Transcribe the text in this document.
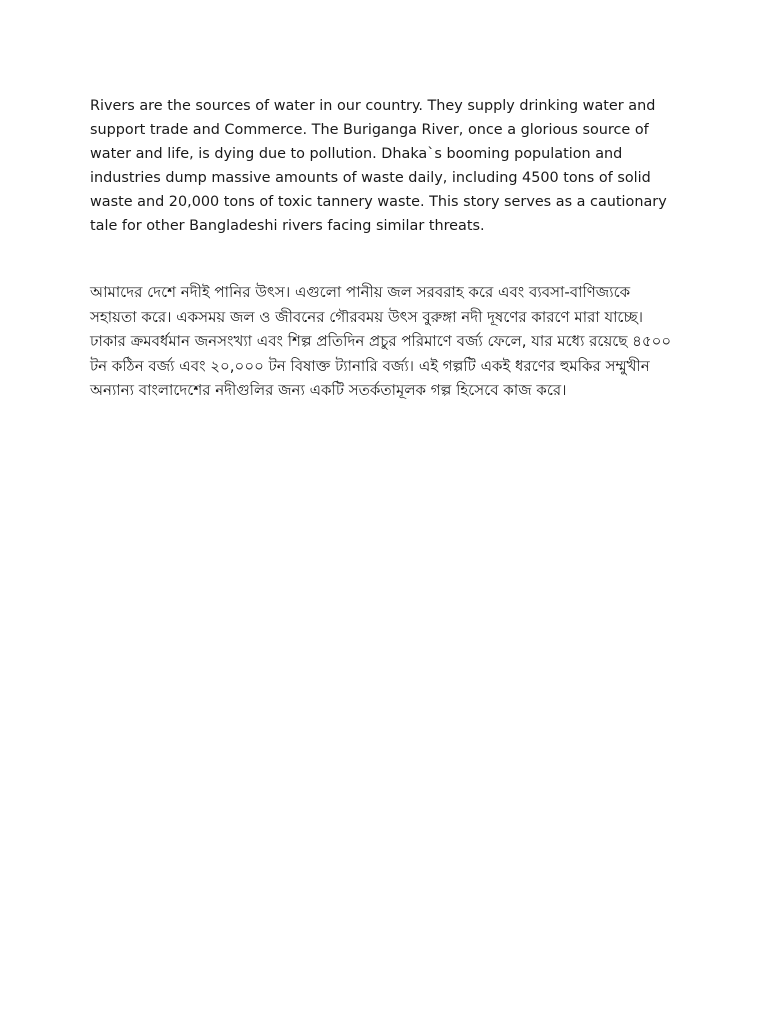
Rivers are the sources of water in our country. They supply drinking water and support trade and Commerce. The Buriganga River, once a glorious source of water and life, is dying due to pollution. Dhaka`s booming population and industries dump massive amounts of waste daily, including 4500 tons of solid waste and 20,000 tons of toxic tannery waste. This story serves as a cautionary tale for other Bangladeshi rivers facing similar threats.

আমাদের দেশে নদীই পানির উৎস। এগুলো পানীয় জল সরবরাহ করে এবং ব্যবসা-বাণিজ্যকে সহায়তা করে। একসময় জল ও জীবনের গৌরবময় উৎস বুরুঙ্গা নদী দূষণের কারণে মারা যাচ্ছে। ঢাকার ক্রমবর্ধমান জনসংখ্যা এবং শিল্প প্রতিদিন প্রচুর পরিমাণে বর্জ্য ফেলে, যার মধ্যে রয়েছে ৪৫০০ টন কঠিন বর্জ্য এবং ২০,০০০ টন বিষাক্ত ট্যানারি বর্জ্য। এই গল্পটি একই ধরণের হুমকির সম্মুখীন অন্যান্য বাংলাদেশের নদীগুলির জন্য একটি সতর্কতামূলক গল্প হিসেবে কাজ করে।
